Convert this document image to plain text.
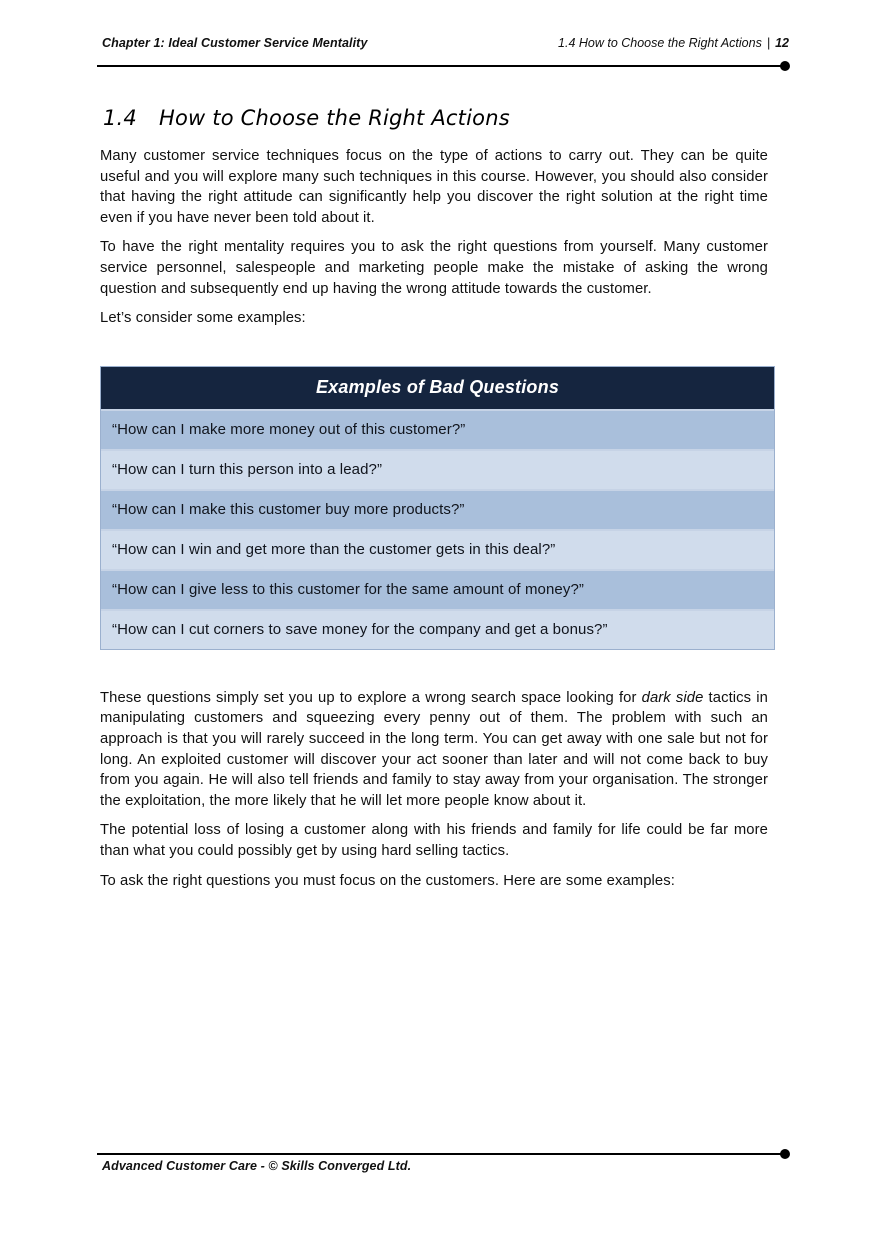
Chapter 1: Ideal Customer Service Mentality	1.4 How to Choose the Right Actions | 12
1.4 How to Choose the Right Actions

Many customer service techniques focus on the type of actions to carry out. They can be quite useful and you will explore many such techniques in this course. However, you should also consider that having the right attitude can significantly help you discover the right solution at the right time even if you have never been told about it.

To have the right mentality requires you to ask the right questions from yourself. Many customer service personnel, salespeople and marketing people make the mistake of asking the wrong question and subsequently end up having the wrong attitude towards the customer.

Let’s consider some examples:

Examples of Bad Questions
“How can I make more money out of this customer?”
“How can I turn this person into a lead?”
“How can I make this customer buy more products?”
“How can I win and get more than the customer gets in this deal?”
“How can I give less to this customer for the same amount of money?”
“How can I cut corners to save money for the company and get a bonus?”

These questions simply set you up to explore a wrong search space looking for dark side tactics in manipulating customers and squeezing every penny out of them. The problem with such an approach is that you will rarely succeed in the long term. You can get away with one sale but not for long. An exploited customer will discover your act sooner than later and will not come back to buy from you again. He will also tell friends and family to stay away from your organisation. The stronger the exploitation, the more likely that he will let more people know about it.

The potential loss of losing a customer along with his friends and family for life could be far more than what you could possibly get by using hard selling tactics.

To ask the right questions you must focus on the customers. Here are some examples:

Advanced Customer Care - © Skills Converged Ltd.
